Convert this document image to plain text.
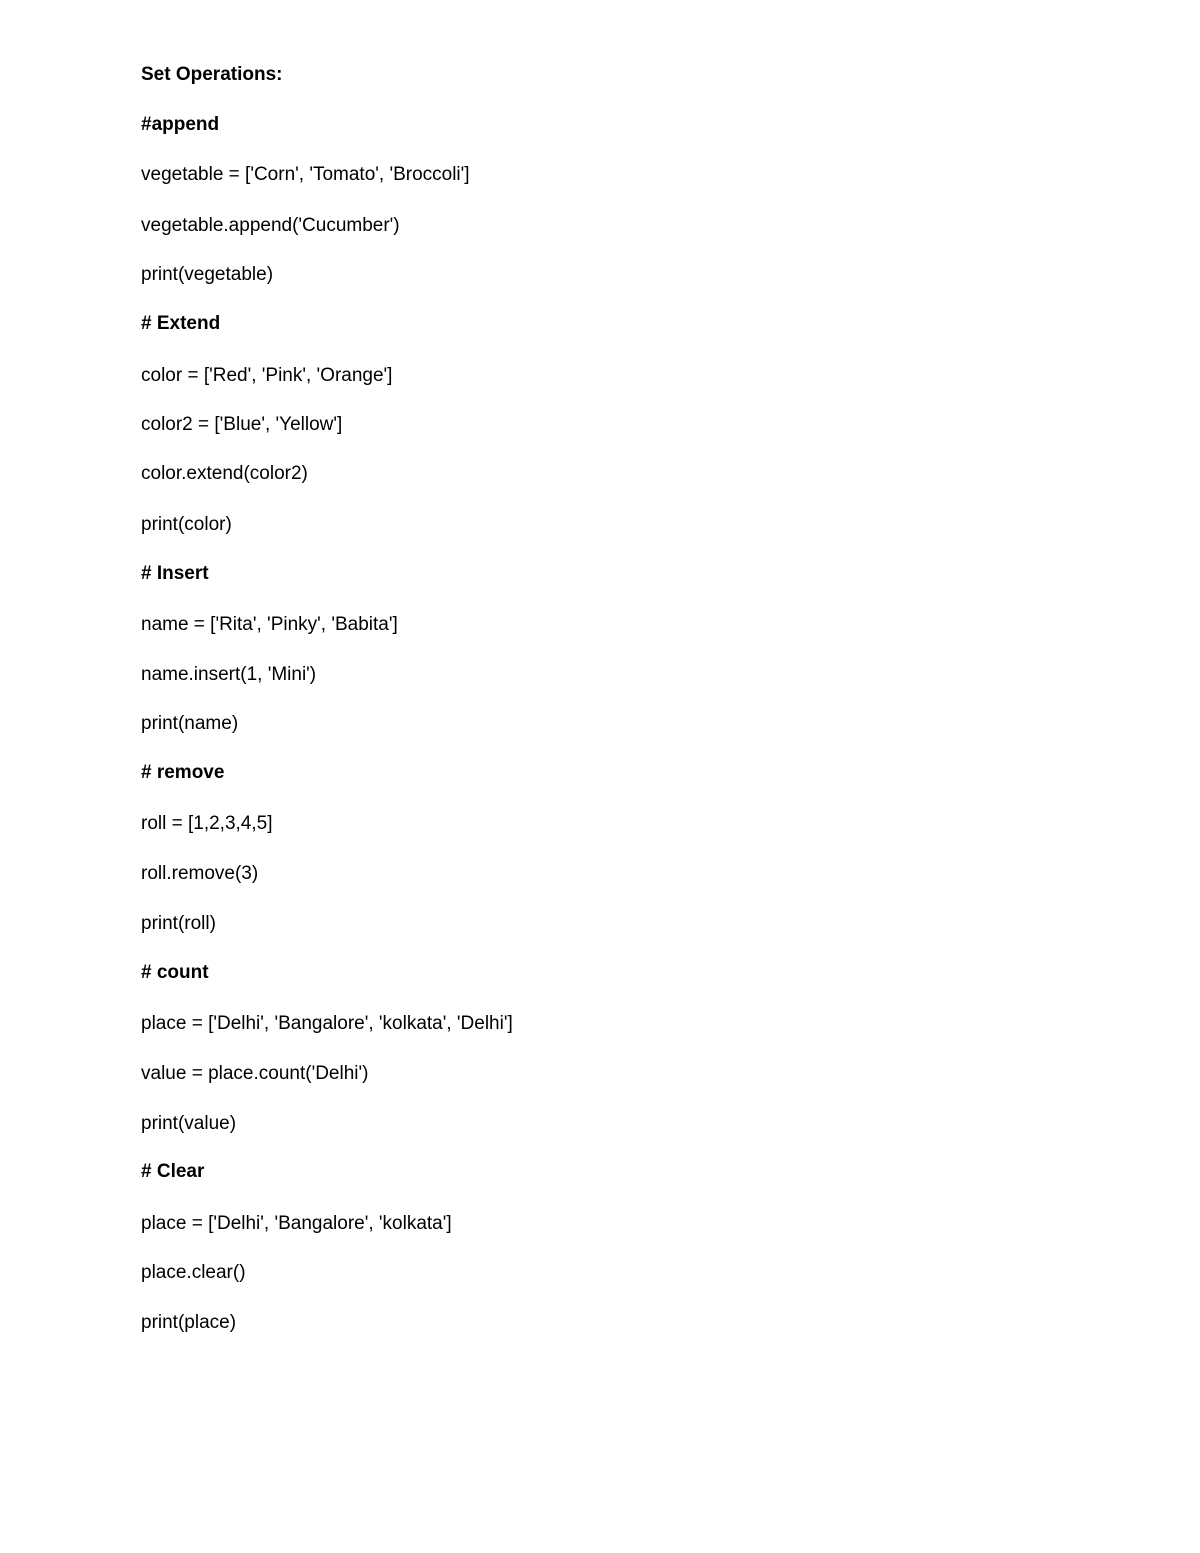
Set Operations:
#append
vegetable = ['Corn', 'Tomato', 'Broccoli']
vegetable.append('Cucumber')
print(vegetable)
# Extend
color = ['Red', 'Pink', 'Orange']
color2 = ['Blue', 'Yellow']
color.extend(color2)
print(color)
# Insert
name = ['Rita', 'Pinky', 'Babita']
name.insert(1, 'Mini')
print(name)
# remove
roll = [1,2,3,4,5]
roll.remove(3)
print(roll)
# count
place = ['Delhi', 'Bangalore', 'kolkata', 'Delhi']
value = place.count('Delhi')
print(value)
# Clear
place = ['Delhi', 'Bangalore', 'kolkata']
place.clear()
print(place)
